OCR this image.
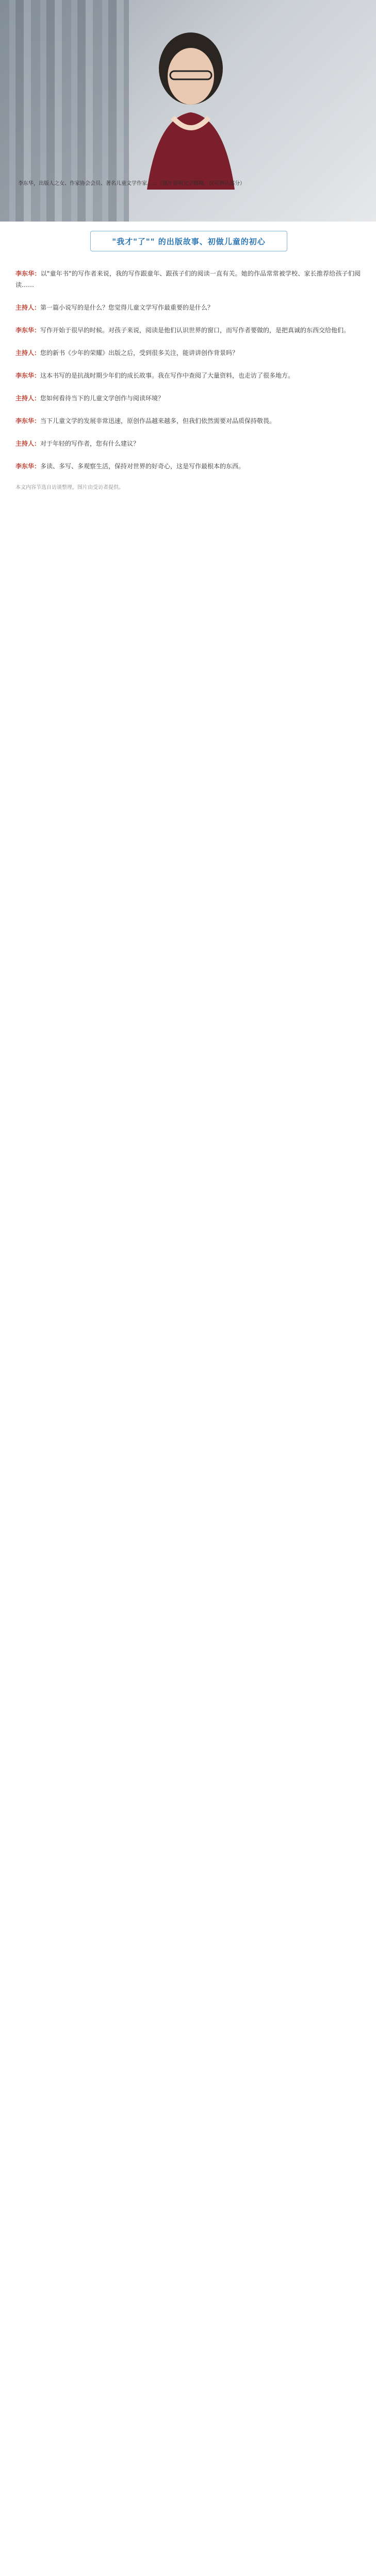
李东华，出版人之女、作家协会会员、著名儿童文学作家……（照片说明文字模糊，仅可辨认部分）
"我才"了"" 的出版故事、初做儿童的初心

李东华：以"童年书"的写作者来说，我的写作跟童年、跟孩子们的阅读一直有关。她的作品常常被学校、家长推荐给孩子们阅读……

主持人：第一篇小说写的是什么？您觉得儿童文学写作最重要的是什么？

李东华：写作开始于很早的时候。对孩子来说，阅读是他们认识世界的窗口，而写作者要做的，是把真诚的东西交给他们。

主持人：您的新书《少年的荣耀》出版之后，受到很多关注，能讲讲创作背景吗？

李东华：这本书写的是抗战时期少年们的成长故事。我在写作中查阅了大量资料，也走访了很多地方。

主持人：您如何看待当下的儿童文学创作与阅读环境？

李东华：当下儿童文学的发展非常迅速，原创作品越来越多，但我们依然需要对品质保持敬畏。

主持人：对于年轻的写作者，您有什么建议？

李东华：多读、多写、多观察生活，保持对世界的好奇心，这是写作最根本的东西。

本文内容节选自访谈整理，图片由受访者提供。
